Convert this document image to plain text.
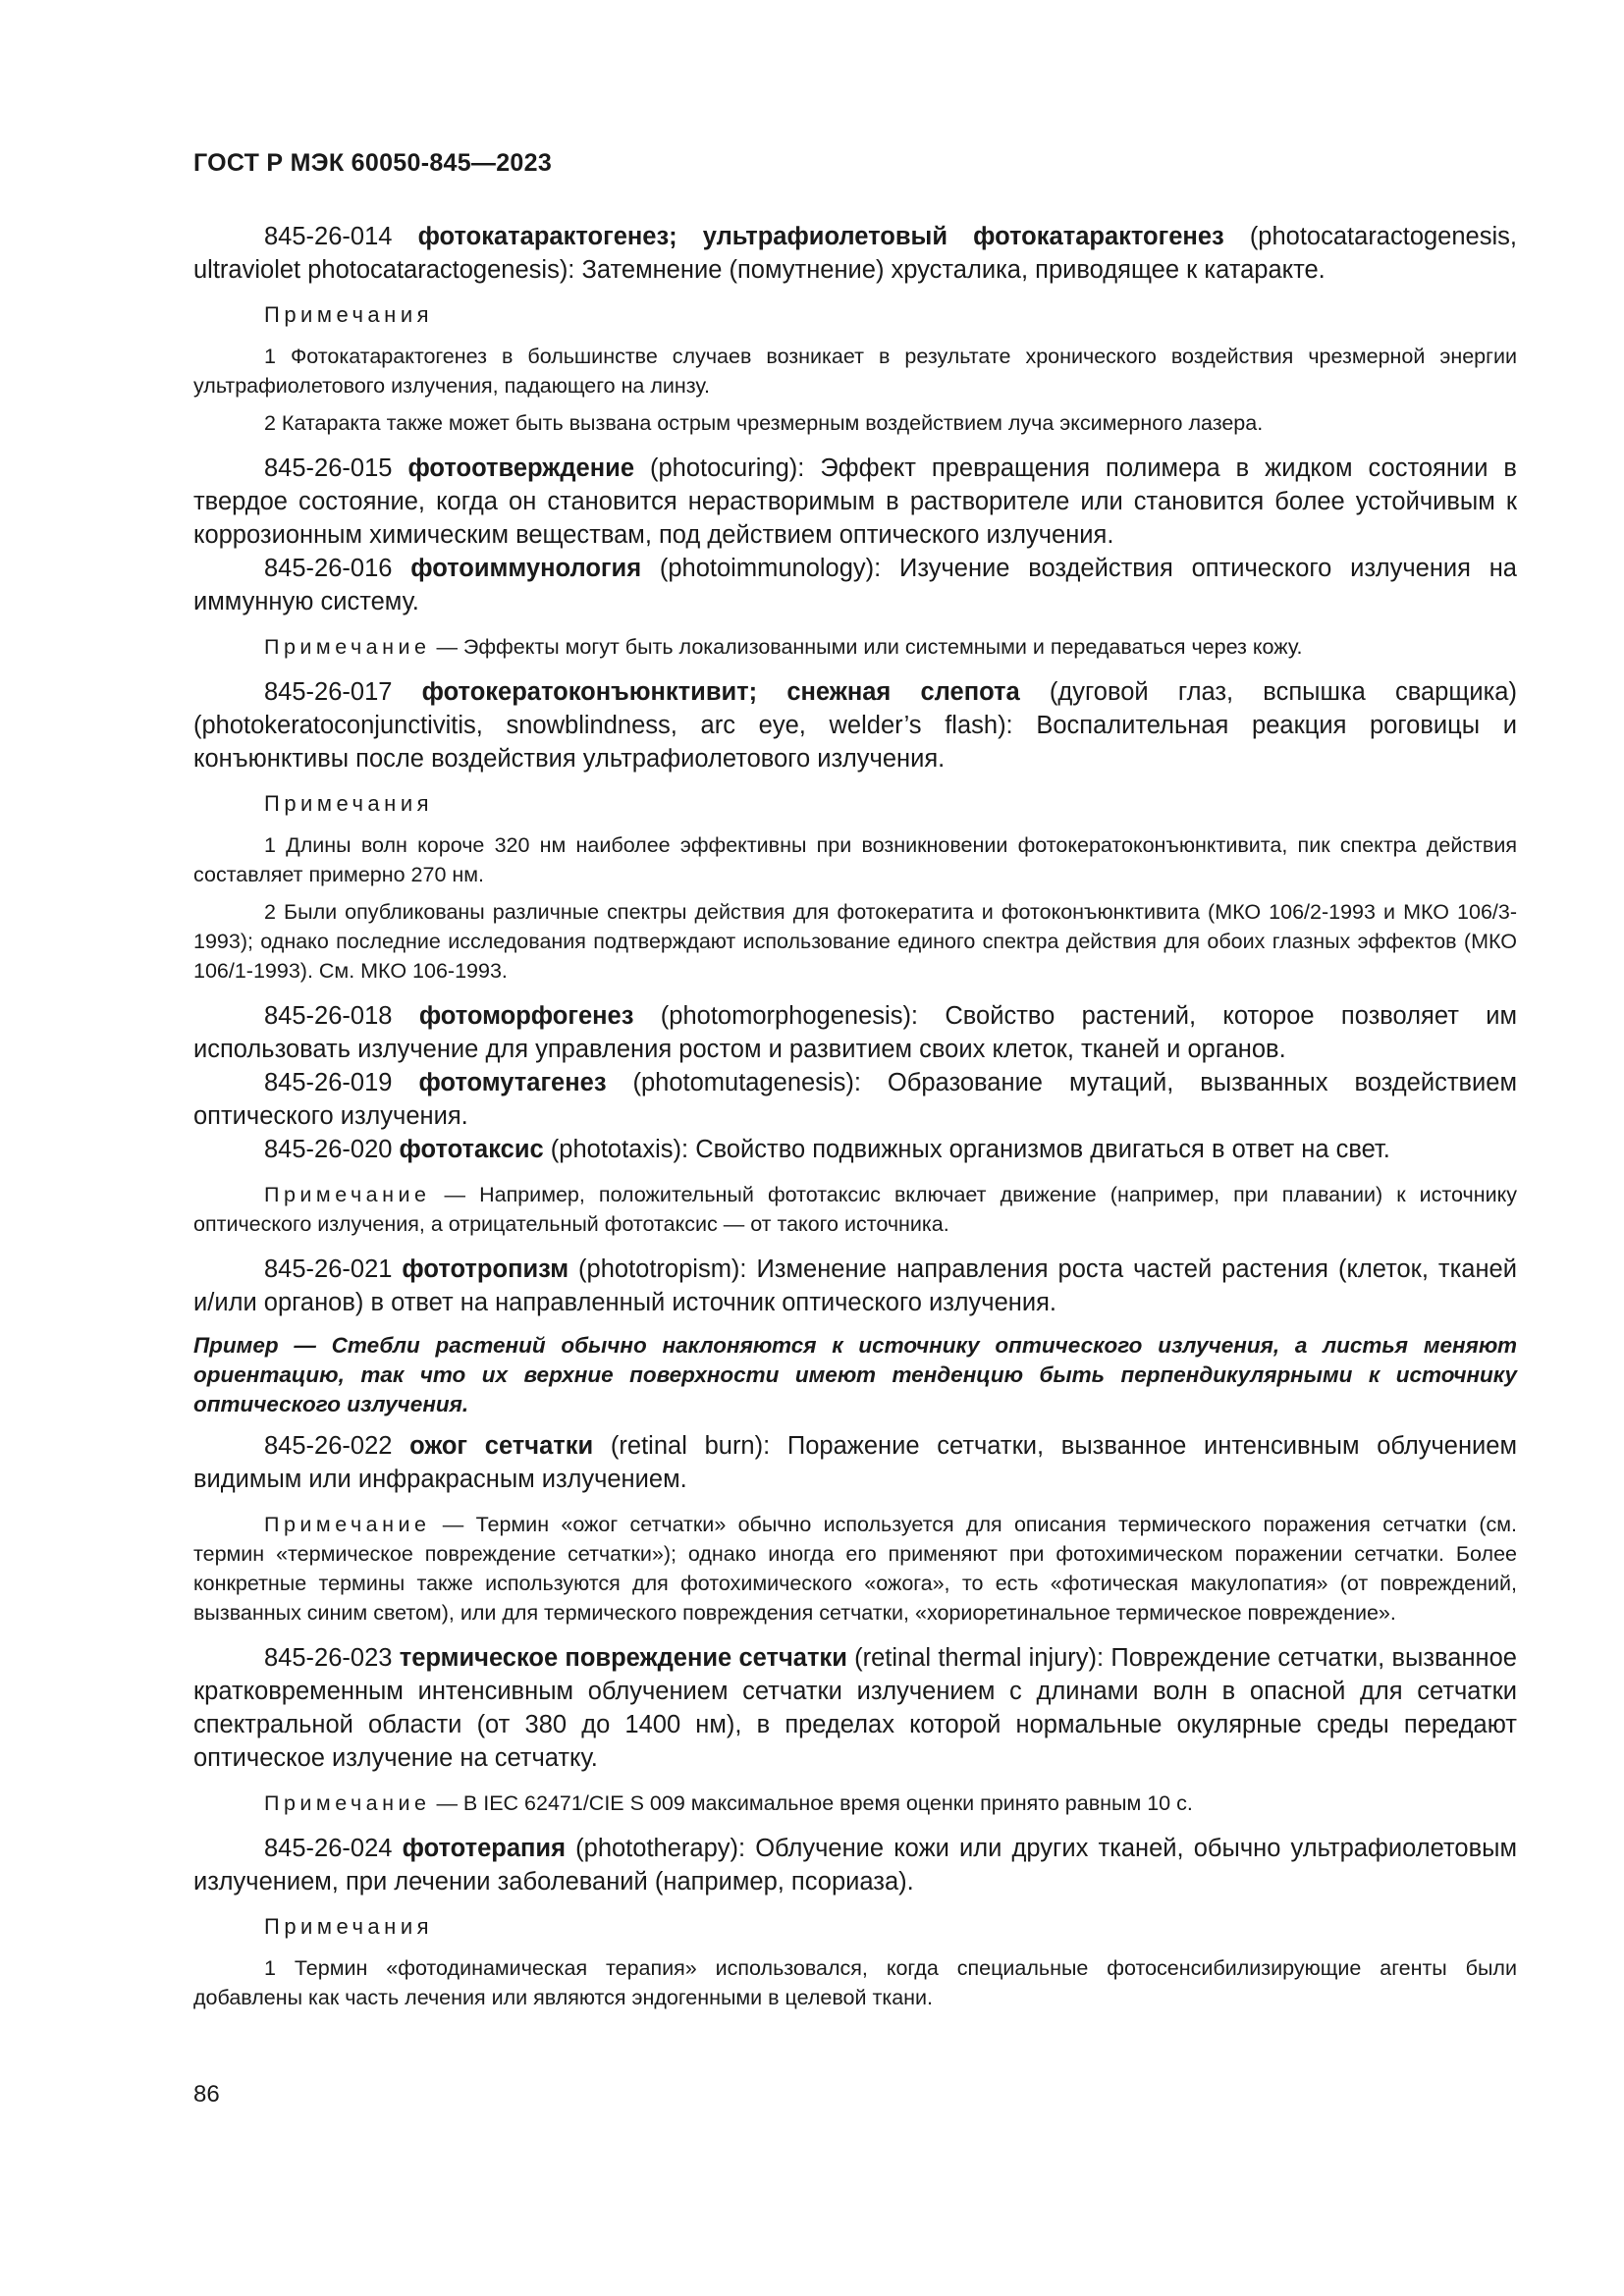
ГОСТ Р МЭК 60050-845—2023

845-26-014 фотокатарактогенез; ультрафиолетовый фотокатарактогенез (photocataractogenesis, ultraviolet photocataractogenesis): Затемнение (помутнение) хрусталика, приводящее к катаракте.

Примечания

1 Фотокатарактогенез в большинстве случаев возникает в результате хронического воздействия чрезмерной энергии ультрафиолетового излучения, падающего на линзу.

2 Катаракта также может быть вызвана острым чрезмерным воздействием луча эксимерного лазера.

845-26-015 фотоотверждение (photocuring): Эффект превращения полимера в жидком состоянии в твердое состояние, когда он становится нерастворимым в растворителе или становится более устойчивым к коррозионным химическим веществам, под действием оптического излучения.

845-26-016 фотоиммунология (photoimmunology): Изучение воздействия оптического излучения на иммунную систему.

Примечание — Эффекты могут быть локализованными или системными и передаваться через кожу.

845-26-017 фотокератоконъюнктивит; снежная слепота (дуговой глаз, вспышка сварщика) (photokeratoconjunctivitis, snowblindness, arc eye, welder’s flash): Воспалительная реакция роговицы и конъюнктивы после воздействия ультрафиолетового излучения.

Примечания

1 Длины волн короче 320 нм наиболее эффективны при возникновении фотокератоконъюнктивита, пик спектра действия составляет примерно 270 нм.

2 Были опубликованы различные спектры действия для фотокератита и фотоконъюнктивита (МКО 106/2-1993 и МКО 106/3-1993); однако последние исследования подтверждают использование единого спектра действия для обоих глазных эффектов (МКО 106/1-1993). См. МКО 106-1993.

845-26-018 фотоморфогенез (photomorphogenesis): Свойство растений, которое позволяет им использовать излучение для управления ростом и развитием своих клеток, тканей и органов.

845-26-019 фотомутагенез (photomutagenesis): Образование мутаций, вызванных воздействием оптического излучения.

845-26-020 фототаксис (phototaxis): Свойство подвижных организмов двигаться в ответ на свет.

Примечание — Например, положительный фототаксис включает движение (например, при плавании) к источнику оптического излучения, а отрицательный фототаксис — от такого источника.

845-26-021 фототропизм (phototropism): Изменение направления роста частей растения (клеток, тканей и/или органов) в ответ на направленный источник оптического излучения.

Пример — Стебли растений обычно наклоняются к источнику оптического излучения, а листья меняют ориентацию, так что их верхние поверхности имеют тенденцию быть перпендикулярными к источнику оптического излучения.

845-26-022 ожог сетчатки (retinal burn): Поражение сетчатки, вызванное интенсивным облучением видимым или инфракрасным излучением.

Примечание — Термин «ожог сетчатки» обычно используется для описания термического поражения сетчатки (см. термин «термическое повреждение сетчатки»); однако иногда его применяют при фотохимическом поражении сетчатки. Более конкретные термины также используются для фотохимического «ожога», то есть «фотическая макулопатия» (от повреждений, вызванных синим светом), или для термического повреждения сетчатки, «хориоретинальное термическое повреждение».

845-26-023 термическое повреждение сетчатки (retinal thermal injury): Повреждение сетчатки, вызванное кратковременным интенсивным облучением сетчатки излучением с длинами волн в опасной для сетчатки спектральной области (от 380 до 1400 нм), в пределах которой нормальные окулярные среды передают оптическое излучение на сетчатку.

Примечание — В IEC 62471/CIE S 009 максимальное время оценки принято равным 10 с.

845-26-024 фототерапия (phototherapy): Облучение кожи или других тканей, обычно ультрафиолетовым излучением, при лечении заболеваний (например, псориаза).

Примечания

1 Термин «фотодинамическая терапия» использовался, когда специальные фотосенсибилизирующие агенты были добавлены как часть лечения или являются эндогенными в целевой ткани.

86
